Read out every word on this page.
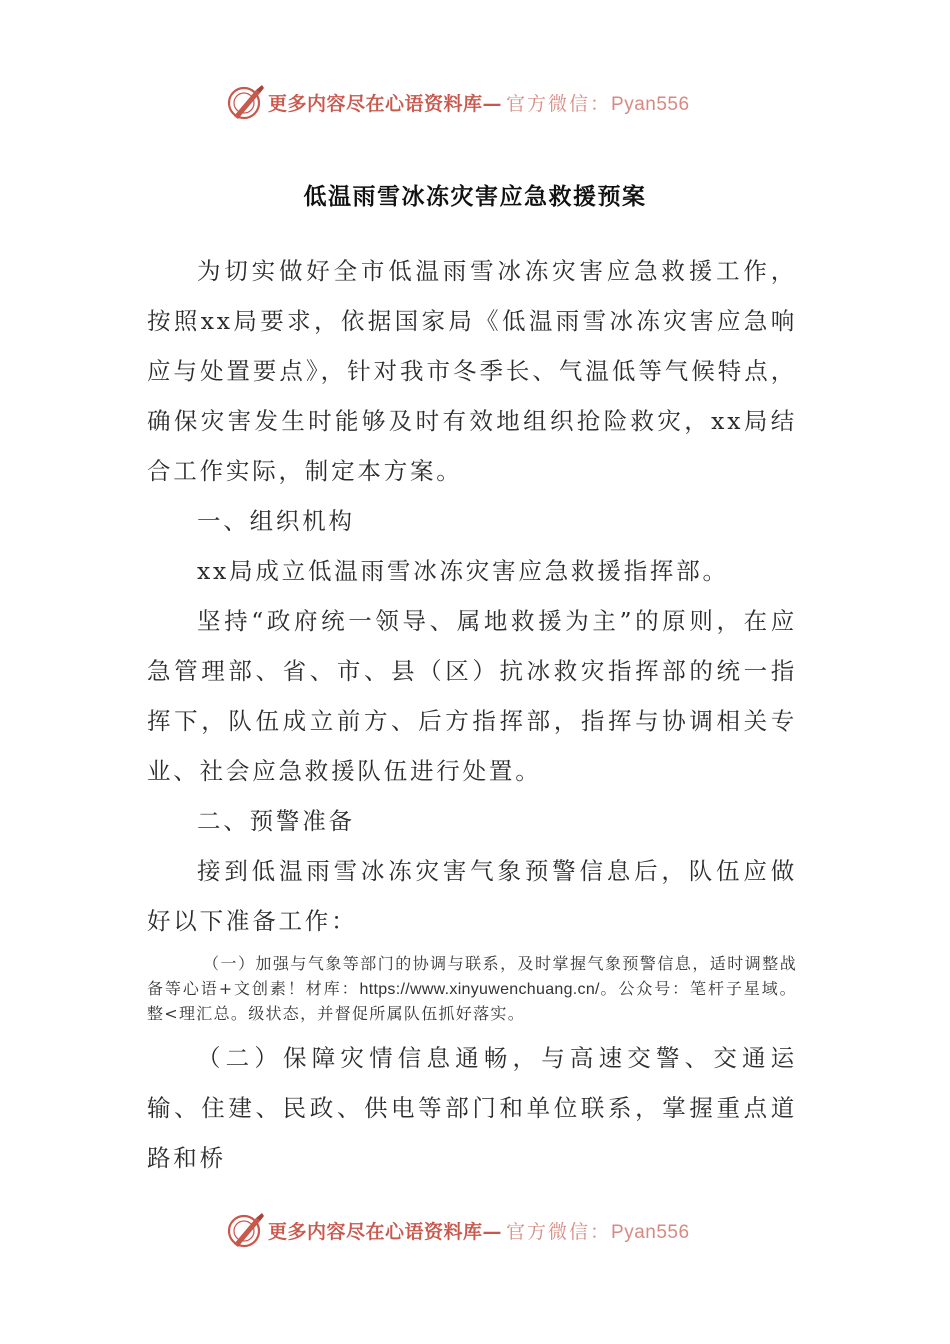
更多内容尽在心语资料库— 官方微信：Pyan556
低温雨雪冰冻灾害应急救援预案

为切实做好全市低温雨雪冰冻灾害应急救援工作，按照xx局要求，依据国家局《低温雨雪冰冻灾害应急响应与处置要点》，针对我市冬季长、气温低等气候特点，确保灾害发生时能够及时有效地组织抢险救灾，xx局结合工作实际，制定本方案。

一、组织机构

xx局成立低温雨雪冰冻灾害应急救援指挥部。

坚持“政府统一领导、属地救援为主”的原则，在应急管理部、省、市、县（区）抗冰救灾指挥部的统一指挥下，队伍成立前方、后方指挥部，指挥与协调相关专业、社会应急救援队伍进行处置。

二、预警准备

接到低温雨雪冰冻灾害气象预警信息后，队伍应做好以下准备工作：

（一）加强与气象等部门的协调与联系，及时掌握气象预警信息，适时调整战备等心语+文创素！材库：https://www.xinyuwenchuang.cn/。公众号：笔杆子星域。整<理汇总。级状态，并督促所属队伍抓好落实。

（二）保障灾情信息通畅，与高速交警、交通运输、住建、民政、供电等部门和单位联系，掌握重点道路和桥

更多内容尽在心语资料库— 官方微信：Pyan556
